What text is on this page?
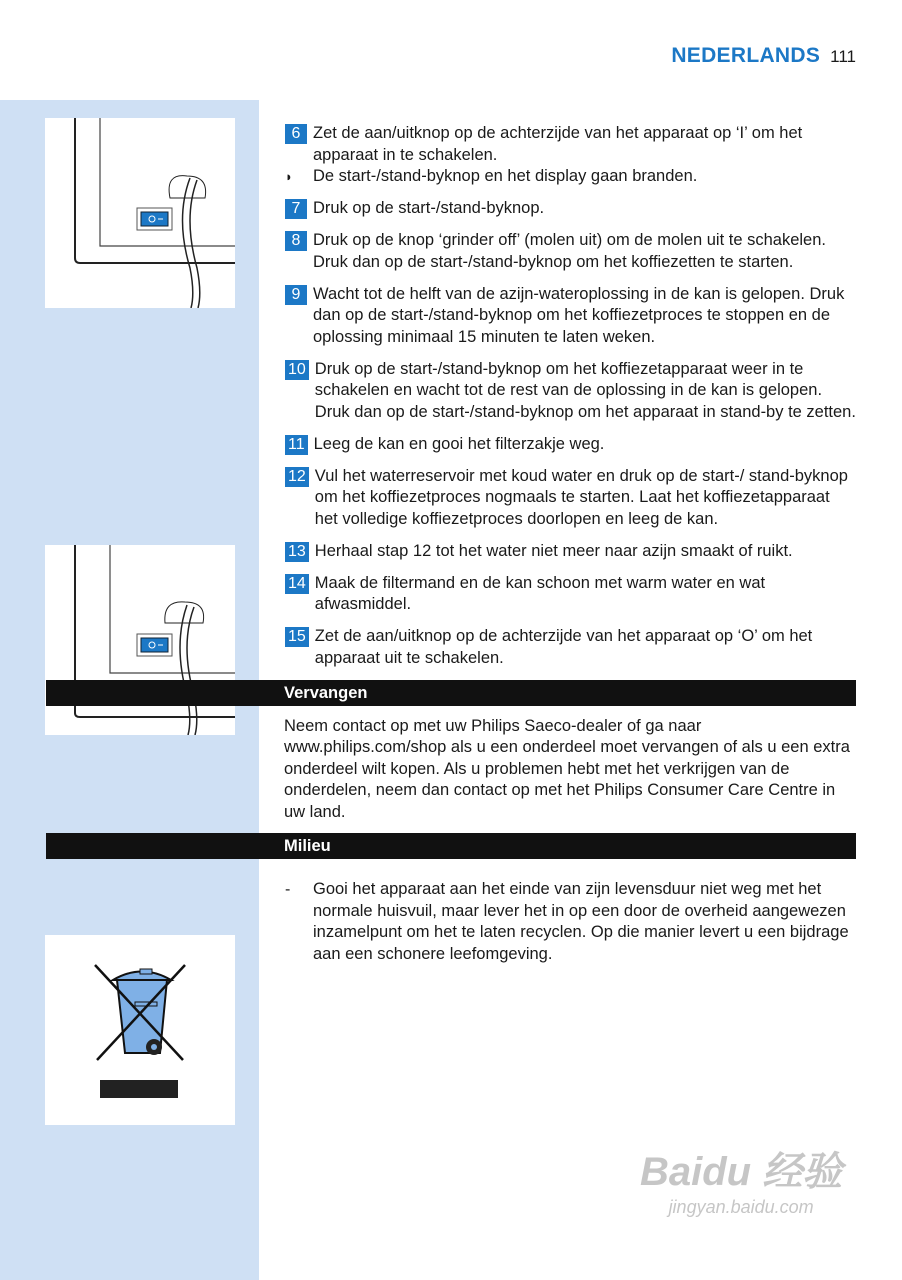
NEDERLANDS 111
6 Zet de aan/uitknop op de achterzijde van het apparaat op ‘I’ om het apparaat in te schakelen.
◗	De start-/stand-byknop en het display gaan branden.
7 Druk op de start-/stand-byknop.
8 Druk op de knop ‘grinder off’ (molen uit) om de molen uit te schakelen. Druk dan op de start-/stand-byknop om het koffiezetten te starten.
9 Wacht tot de helft van de azijn-wateroplossing in de kan is gelopen. Druk dan op de start-/stand-byknop om het koffiezetproces te stoppen en de oplossing minimaal 15 minuten te laten weken.
10 Druk op de start-/stand-byknop om het koffiezetapparaat weer in te schakelen en wacht tot de rest van de oplossing in de kan is gelopen. Druk dan op de start-/stand-byknop om het apparaat in stand-by te zetten.
11 Leeg de kan en gooi het filterzakje weg.
12 Vul het waterreservoir met koud water en druk op de start-/ stand-byknop om het koffiezetproces nogmaals te starten. Laat het koffiezetapparaat het volledige koffiezetproces doorlopen en leeg de kan.
13 Herhaal stap 12 tot het water niet meer naar azijn smaakt of ruikt.
14 Maak de filtermand en de kan schoon met warm water en wat afwasmiddel.
15 Zet de aan/uitknop op de achterzijde van het apparaat op ‘O’ om het apparaat uit te schakelen.
Vervangen
Neem contact op met uw Philips Saeco-dealer of ga naar www.philips.com/shop als u een onderdeel moet vervangen of als u een extra onderdeel wilt kopen. Als u problemen hebt met het verkrijgen van de onderdelen, neem dan contact op met het Philips Consumer Care Centre in uw land.
Milieu
-	Gooi het apparaat aan het einde van zijn levensduur niet weg met het normale huisvuil, maar lever het in op een door de overheid aangewezen inzamelpunt om het te laten recyclen. Op die manier levert u een bijdrage aan een schonere leefomgeving.
Baidu 经验
jingyan.baidu.com
